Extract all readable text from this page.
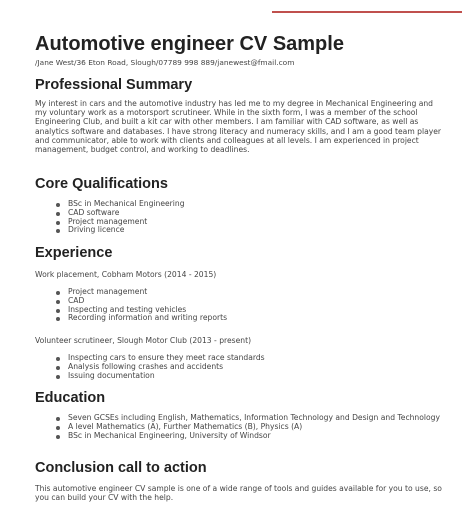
Automotive engineer CV Sample
/Jane West/36 Eton Road, Slough/07789 998 889/janewest@fmail.com
Professional Summary
My interest in cars and the automotive industry has led me to my degree in Mechanical Engineering and my voluntary work as a motorsport scrutineer. While in the sixth form, I was a member of the school Engineering Club, and built a kit car with other members. I am familiar with CAD software, as well as analytics software and databases. I have strong literacy and numeracy skills, and I am a good team player and communicator, able to work with clients and colleagues at all levels. I am experienced in project management, budget control, and working to deadlines.
Core Qualifications
BSc in Mechanical Engineering
CAD software
Project management
Driving licence
Experience
Work placement, Cobham Motors (2014 - 2015)
Project management
CAD
Inspecting and testing vehicles
Recording information and writing reports
Volunteer scrutineer, Slough Motor Club (2013 - present)
Inspecting cars to ensure they meet race standards
Analysis following crashes and accidents
Issuing documentation
Education
Seven GCSEs including English, Mathematics, Information Technology and Design and Technology
A level Mathematics (A), Further Mathematics (B), Physics (A)
BSc in Mechanical Engineering, University of Windsor
Conclusion call to action
This automotive engineer CV sample is one of a wide range of tools and guides available for you to use, so you can build your CV with the help.
